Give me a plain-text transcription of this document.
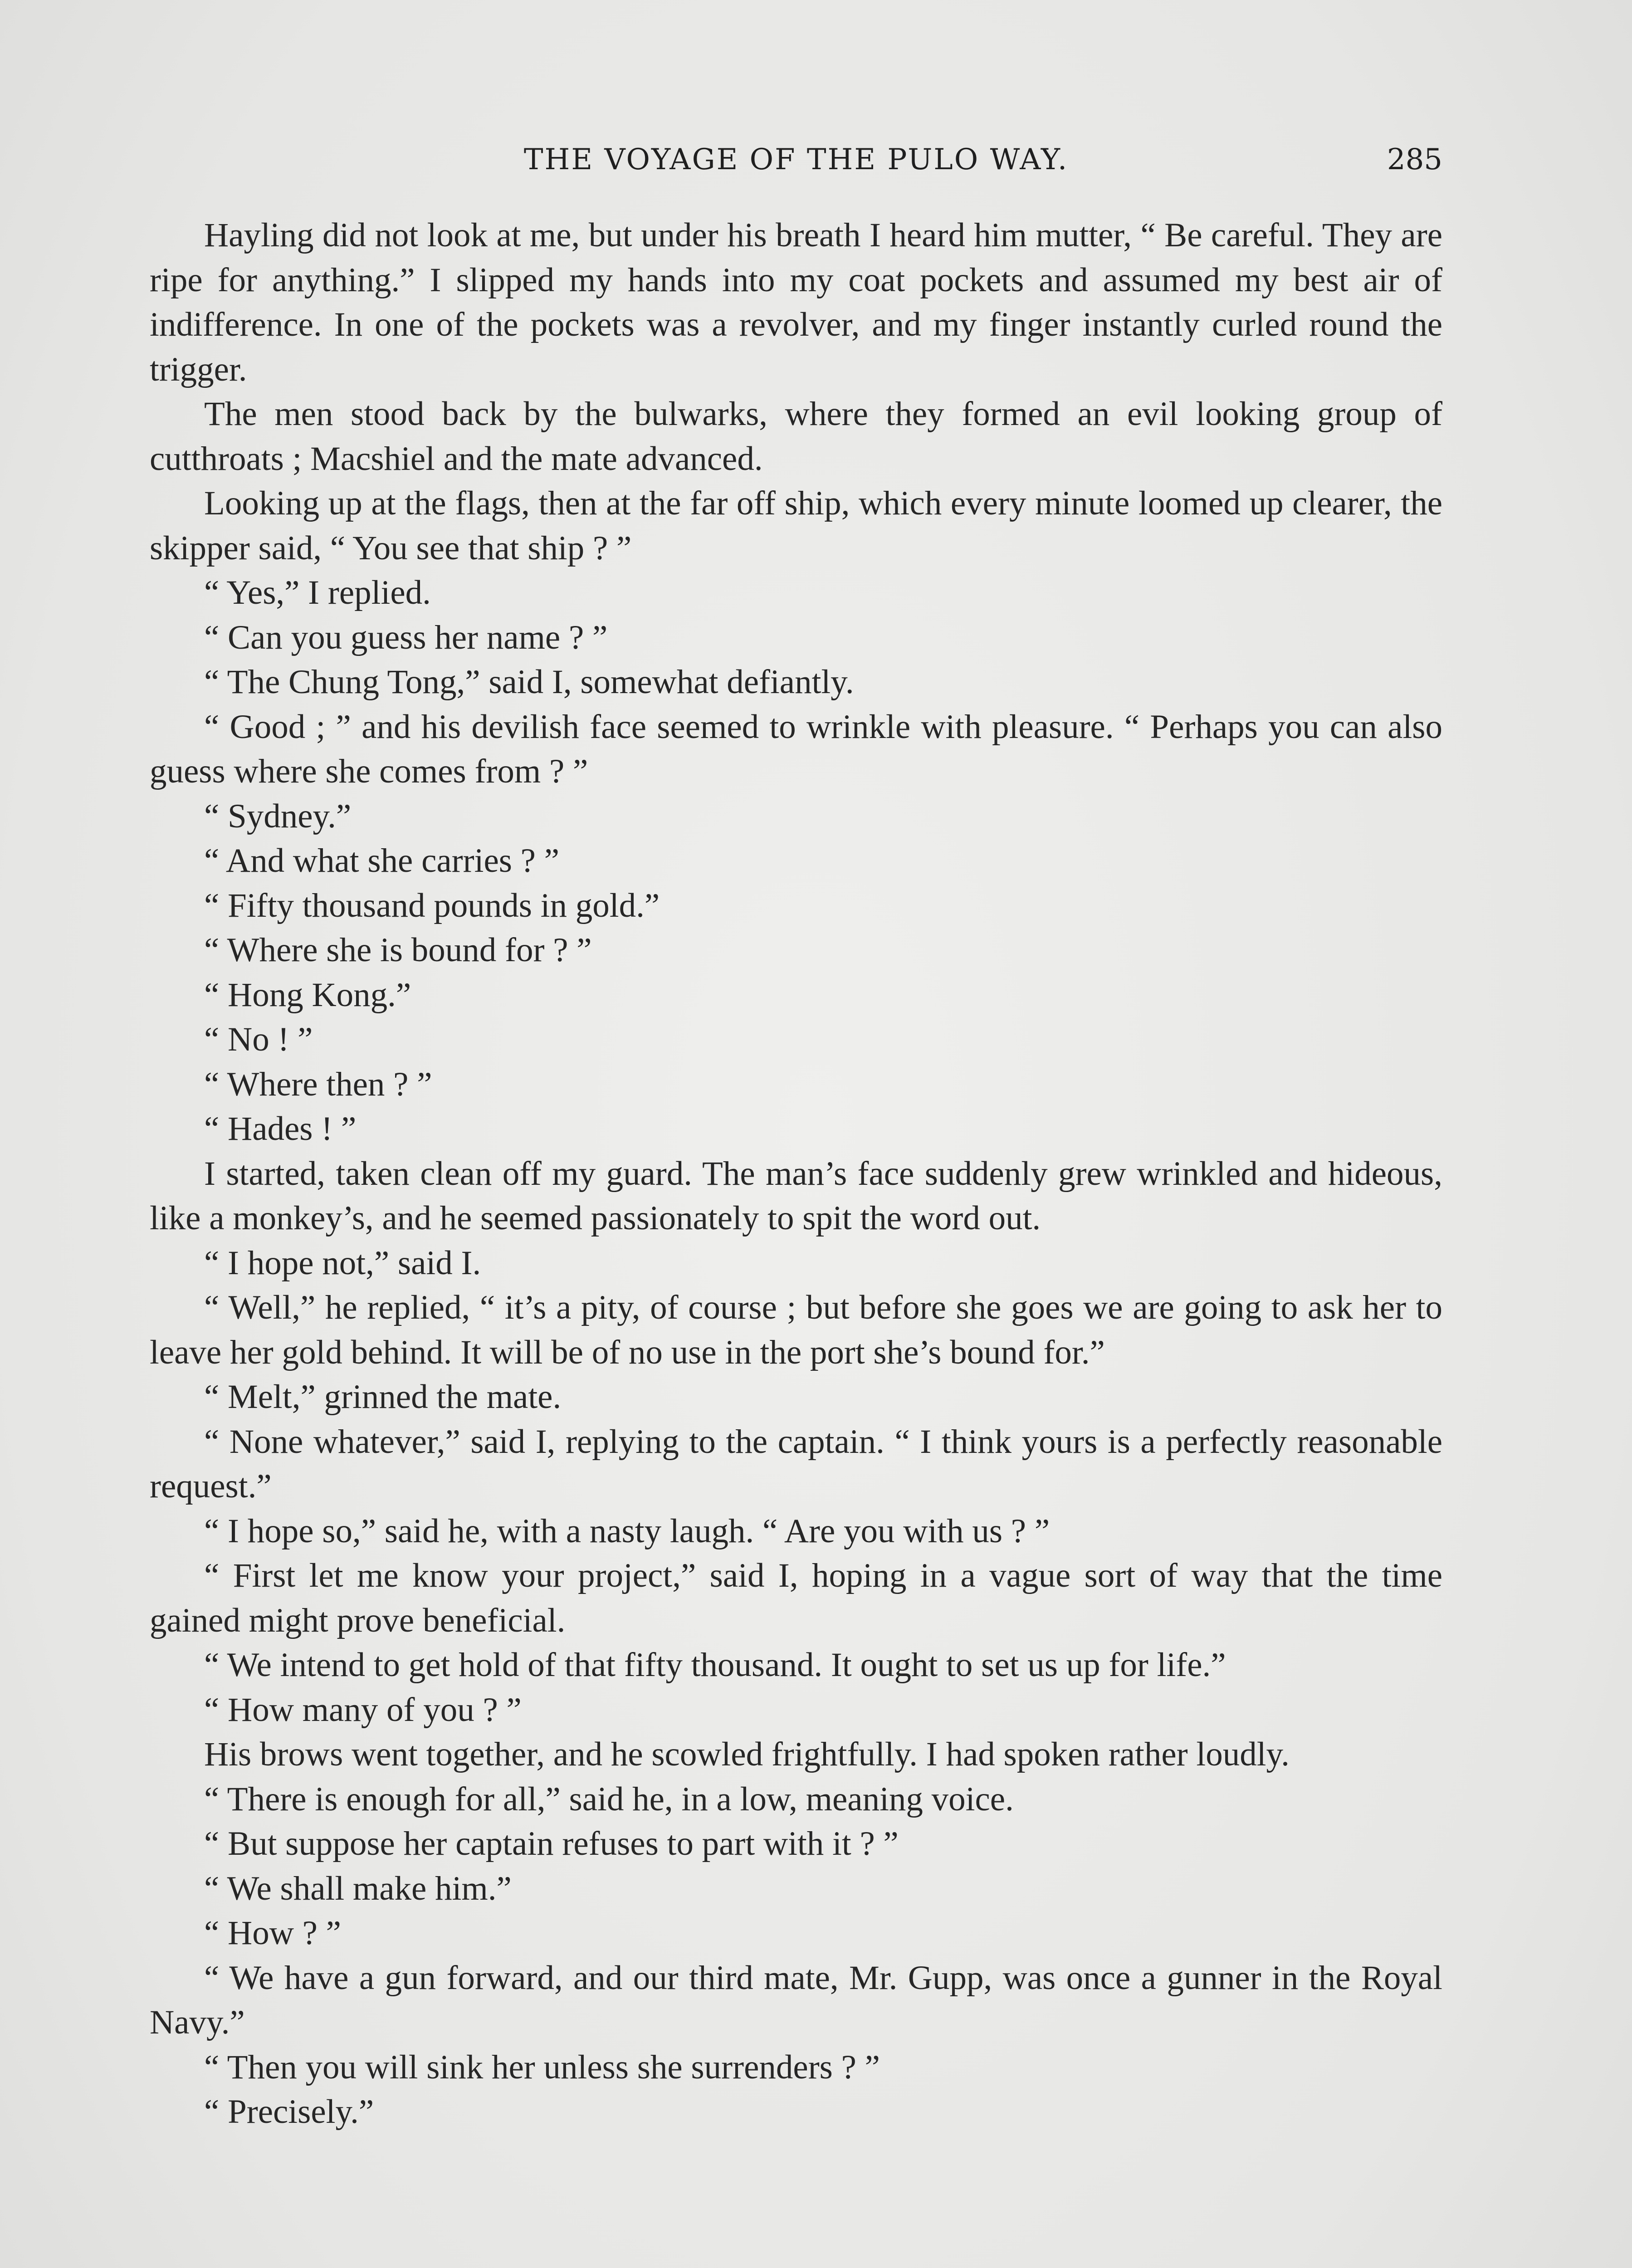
THE VOYAGE OF THE PULO WAY.	285

Hayling did not look at me, but under his breath I heard him mutter, “ Be careful. They are ripe for anything.” I slipped my hands into my coat pockets and assumed my best air of indifference. In one of the pockets was a revolver, and my finger instantly curled round the trigger.

The men stood back by the bulwarks, where they formed an evil looking group of cutthroats ; Macshiel and the mate advanced.

Looking up at the flags, then at the far off ship, which every minute loomed up clearer, the skipper said, “ You see that ship ? ”

“ Yes,” I replied.

“ Can you guess her name ? ”

“ The Chung Tong,” said I, somewhat defiantly.

“ Good ; ” and his devilish face seemed to wrinkle with pleasure. “ Perhaps you can also guess where she comes from ? ”

“ Sydney.”

“ And what she carries ? ”

“ Fifty thousand pounds in gold.”

“ Where she is bound for ? ”

“ Hong Kong.”

“ No ! ”

“ Where then ? ”

“ Hades ! ”

I started, taken clean off my guard. The man’s face suddenly grew wrinkled and hideous, like a monkey’s, and he seemed passionately to spit the word out.

“ I hope not,” said I.

“ Well,” he replied, “ it’s a pity, of course ; but before she goes we are going to ask her to leave her gold behind. It will be of no use in the port she’s bound for.”

“ Melt,” grinned the mate.

“ None whatever,” said I, replying to the captain. “ I think yours is a perfectly reasonable request.”

“ I hope so,” said he, with a nasty laugh. “ Are you with us ? ”

“ First let me know your project,” said I, hoping in a vague sort of way that the time gained might prove beneficial.

“ We intend to get hold of that fifty thousand. It ought to set us up for life.”

“ How many of you ? ”

His brows went together, and he scowled frightfully. I had spoken rather loudly.

“ There is enough for all,” said he, in a low, meaning voice.

“ But suppose her captain refuses to part with it ? ”

“ We shall make him.”

“ How ? ”

“ We have a gun forward, and our third mate, Mr. Gupp, was once a gunner in the Royal Navy.”

“ Then you will sink her unless she surrenders ? ”

“ Precisely.”
